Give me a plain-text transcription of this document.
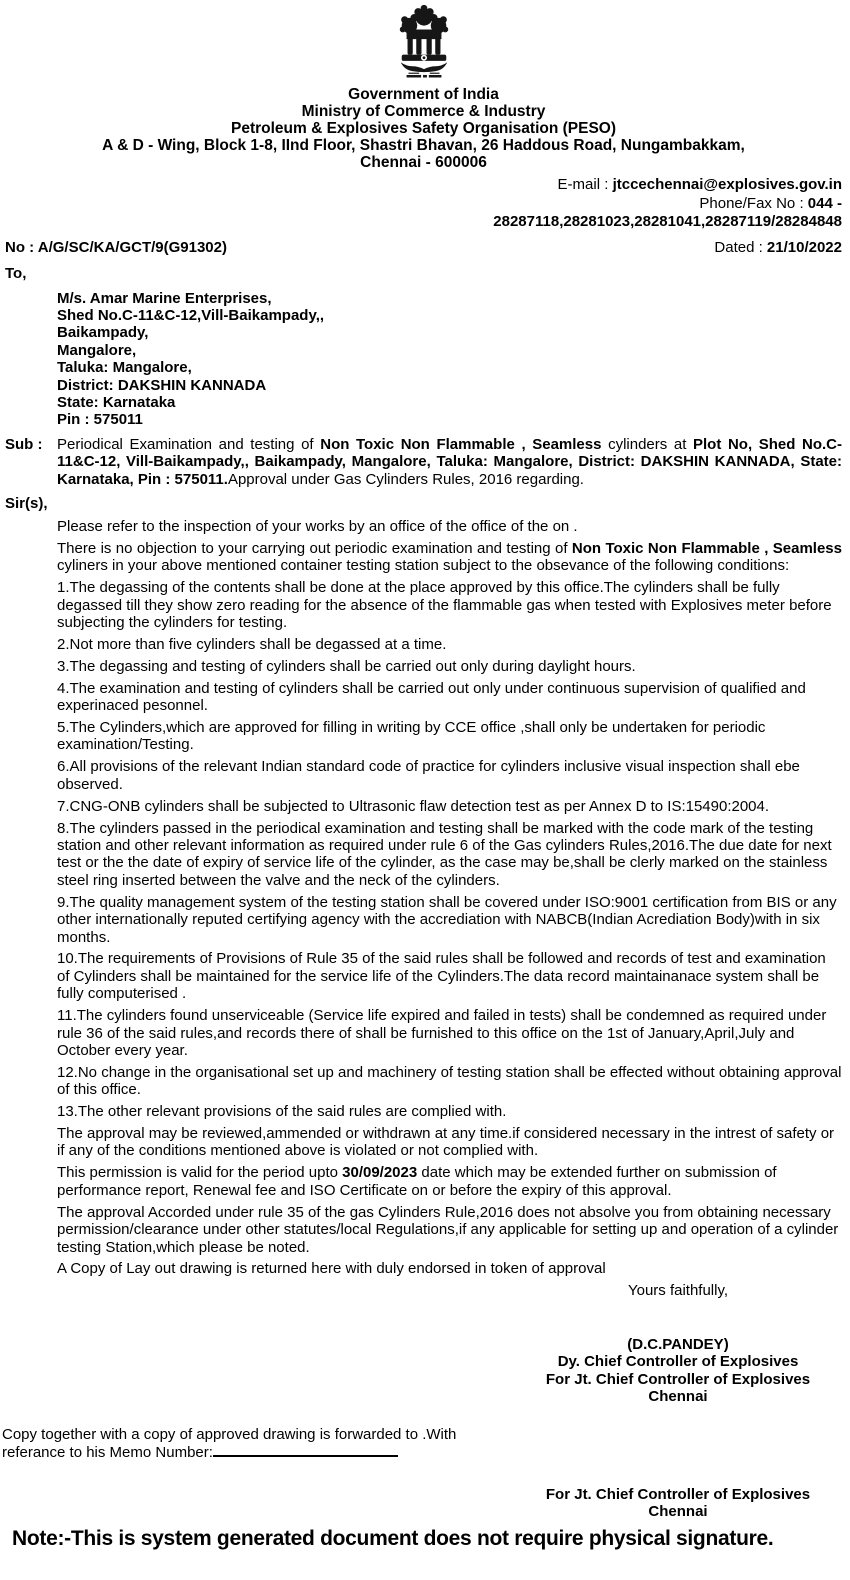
Government of India
Ministry of Commerce & Industry
Petroleum & Explosives Safety Organisation (PESO)
A & D - Wing, Block 1-8, IInd Floor, Shastri Bhavan, 26 Haddous Road, Nungambakkam,
Chennai - 600006
E-mail : jtccechennai@explosives.gov.in
Phone/Fax No : 044 -
28287118,28281023,28281041,28287119/28284848
No : A/G/SC/KA/GCT/9(G91302)	Dated : 21/10/2022
To,
M/s. Amar Marine Enterprises,
Shed No.C-11&C-12,Vill-Baikampady,,
Baikampady,
Mangalore,
Taluka: Mangalore,
District: DAKSHIN KANNADA
State: Karnataka
Pin : 575011
Sub : Periodical Examination and testing of Non Toxic Non Flammable , Seamless cylinders at Plot No, Shed No.C-11&C-12, Vill-Baikampady,, Baikampady, Mangalore, Taluka: Mangalore, District: DAKSHIN KANNADA, State: Karnataka, Pin : 575011.Approval under Gas Cylinders Rules, 2016 regarding.
Sir(s),

Please refer to the inspection of your works by an office of the office of the on .

There is no objection to your carrying out periodic examination and testing of Non Toxic Non Flammable , Seamless cyliners in your above mentioned container testing station subject to the obsevance of the following conditions:

1.The degassing of the contents shall be done at the place approved by this office.The cylinders shall be fully degassed till they show zero reading for the absence of the flammable gas when tested with Explosives meter before subjecting the cylinders for testing.

2.Not more than five cylinders shall be degassed at a time.

3.The degassing and testing of cylinders shall be carried out only during daylight hours.

4.The examination and testing of cylinders shall be carried out only under continuous supervision of qualified and experinaced pesonnel.

5.The Cylinders,which are approved for filling in writing by CCE office ,shall only be undertaken for periodic examination/Testing.

6.All provisions of the relevant Indian standard code of practice for cylinders inclusive visual inspection shall ebe observed.

7.CNG-ONB cylinders shall be subjected to Ultrasonic flaw detection test as per Annex D to IS:15490:2004.

8.The cylinders passed in the periodical examination and testing shall be marked with the code mark of the testing station and other relevant information as required under rule 6 of the Gas cylinders Rules,2016.The due date for next test or the the date of expiry of service life of the cylinder, as the case may be,shall be clerly marked on the stainless steel ring inserted between the valve and the neck of the cylinders.

9.The quality management system of the testing station shall be covered under ISO:9001 certification from BIS or any other internationally reputed certifying agency with the accrediation with NABCB(Indian Acrediation Body)with in six months.

10.The requirements of Provisions of Rule 35 of the said rules shall be followed and records of test and examination of Cylinders shall be maintained for the service life of the Cylinders.The data record maintainanace system shall be fully computerised .

11.The cylinders found unserviceable (Service life expired and failed in tests) shall be condemned as required under rule 36 of the said rules,and records there of shall be furnished to this office on the 1st of January,April,July and October every year.

12.No change in the organisational set up and machinery of testing station shall be effected without obtaining approval of this office.

13.The other relevant provisions of the said rules are complied with.

The approval may be reviewed,ammended or withdrawn at any time.if considered necessary in the intrest of safety or if any of the conditions mentioned above is violated or not complied with.

This permission is valid for the period upto 30/09/2023 date which may be extended further on submission of performance report, Renewal fee and ISO Certificate on or before the expiry of this approval.

The approval Accorded under rule 35 of the gas Cylinders Rule,2016 does not absolve you from obtaining necessary permission/clearance under other statutes/local Regulations,if any applicable for setting up and operation of a cylinder testing Station,which please be noted.

A Copy of Lay out drawing is returned here with duly endorsed in token of approval

Yours faithfully,
(D.C.PANDEY)
Dy. Chief Controller of Explosives
For Jt. Chief Controller of Explosives
Chennai
Copy together with a copy of approved drawing is forwarded to .With
referance to his Memo Number:
For Jt. Chief Controller of Explosives
Chennai
Note:-This is system generated document does not require physical signature.
